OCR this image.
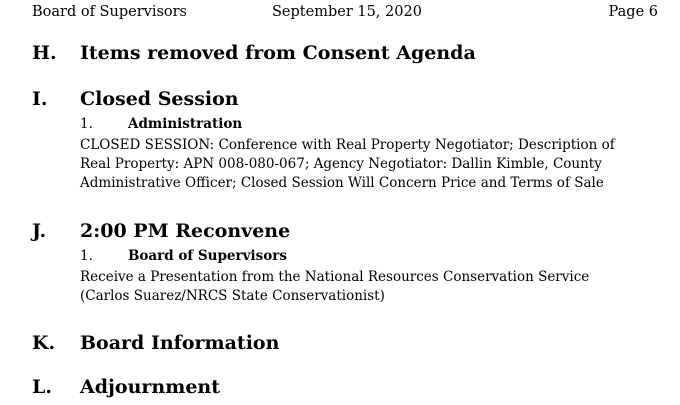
Board of Supervisors	September 15, 2020	Page 6
H. Items removed from Consent Agenda
I. Closed Session
1.	Administration
CLOSED SESSION: Conference with Real Property Negotiator; Description of Real Property: APN 008-080-067; Agency Negotiator: Dallin Kimble, County Administrative Officer; Closed Session Will Concern Price and Terms of Sale
J. 2:00 PM Reconvene
1.	Board of Supervisors
Receive a Presentation from the National Resources Conservation Service (Carlos Suarez/NRCS State Conservationist)
K. Board Information
L. Adjournment
